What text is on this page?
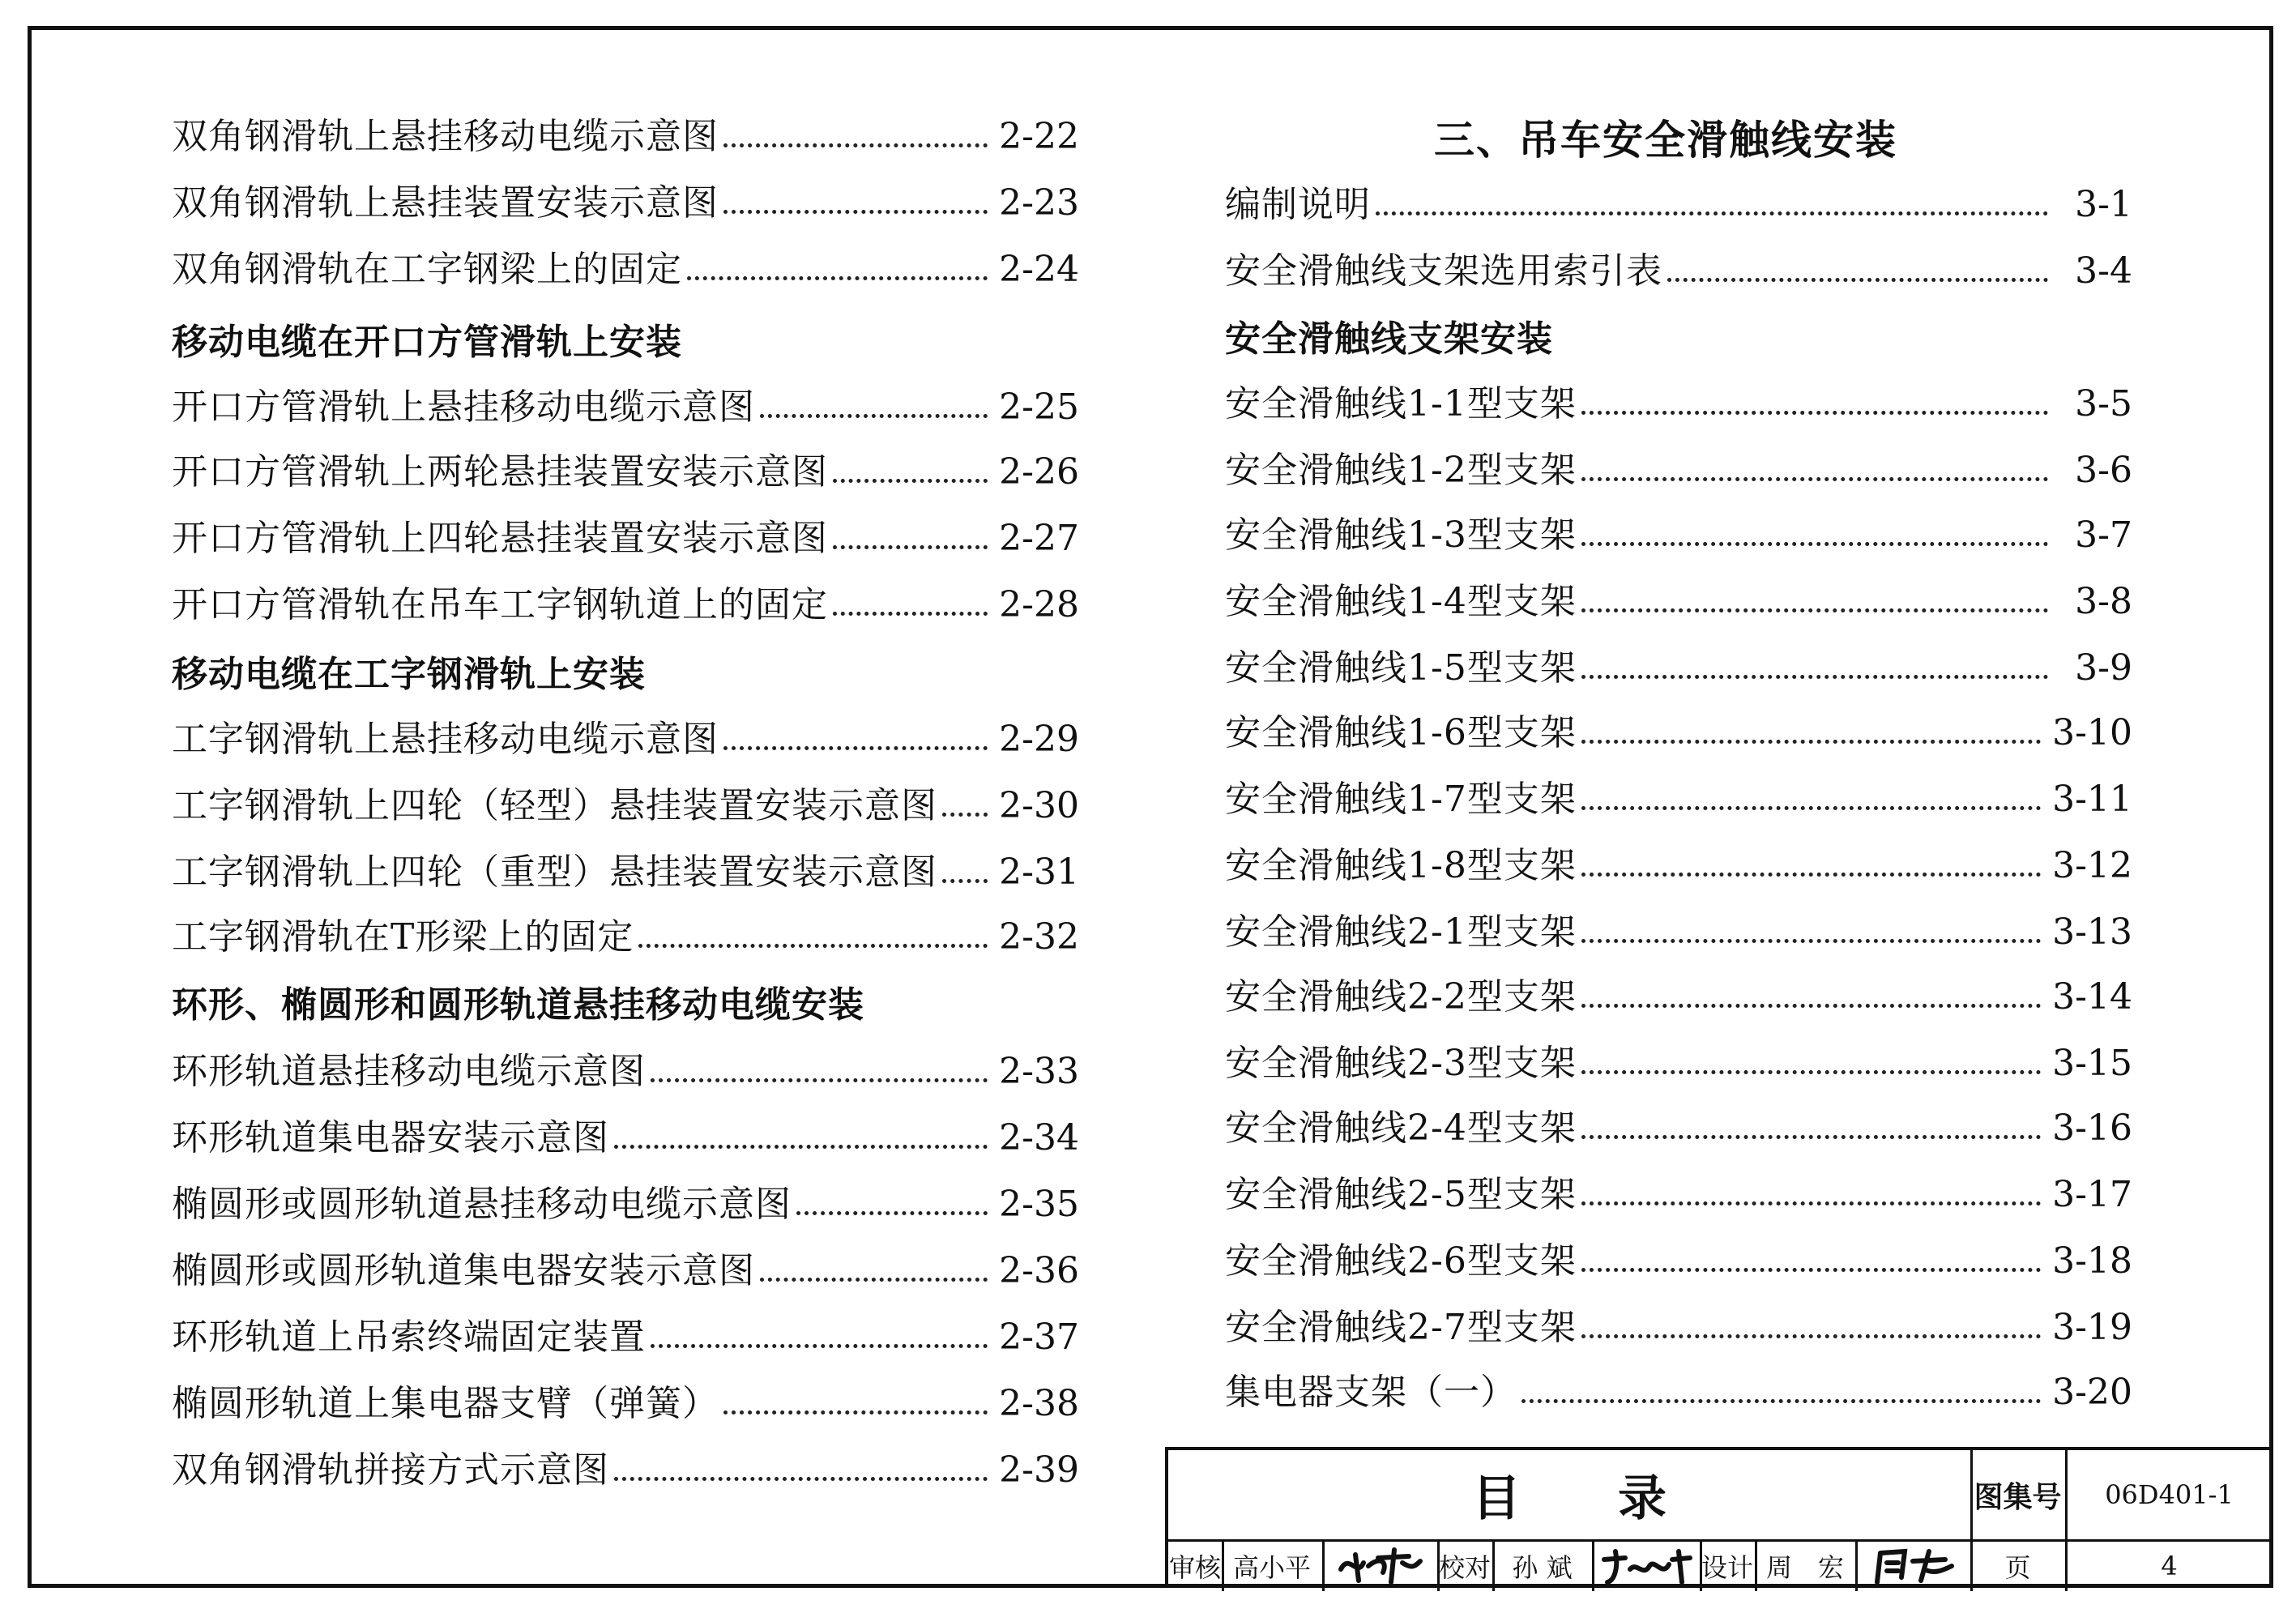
双角钢滑轨上悬挂移动电缆示意图	2-22
双角钢滑轨上悬挂装置安装示意图	2-23
双角钢滑轨在工字钢梁上的固定	2-24
移动电缆在开口方管滑轨上安装
开口方管滑轨上悬挂移动电缆示意图	2-25
开口方管滑轨上两轮悬挂装置安装示意图	2-26
开口方管滑轨上四轮悬挂装置安装示意图	2-27
开口方管滑轨在吊车工字钢轨道上的固定	2-28
移动电缆在工字钢滑轨上安装
工字钢滑轨上悬挂移动电缆示意图	2-29
工字钢滑轨上四轮（轻型）悬挂装置安装示意图 2-30
工字钢滑轨上四轮（重型）悬挂装置安装示意图 2-31
工字钢滑轨在T形梁上的固定	2-32
环形、椭圆形和圆形轨道悬挂移动电缆安装
环形轨道悬挂移动电缆示意图	2-33
环形轨道集电器安装示意图	2-34
椭圆形或圆形轨道悬挂移动电缆示意图	2-35
椭圆形或圆形轨道集电器安装示意图	2-36
环形轨道上吊索终端固定装置	2-37
椭圆形轨道上集电器支臂（弹簧）	2-38
双角钢滑轨拼接方式示意图	2-39
三、吊车安全滑触线安装
编制说明	3-1
安全滑触线支架选用索引表	3-4
安全滑触线支架安装
安全滑触线1-1型支架	3-5
安全滑触线1-2型支架	3-6
安全滑触线1-3型支架	3-7
安全滑触线1-4型支架	3-8
安全滑触线1-5型支架	3-9
安全滑触线1-6型支架	3-10
安全滑触线1-7型支架	3-11
安全滑触线1-8型支架	3-12
安全滑触线2-1型支架	3-13
安全滑触线2-2型支架	3-14
安全滑触线2-3型支架	3-15
安全滑触线2-4型支架	3-16
安全滑触线2-5型支架	3-17
安全滑触线2-6型支架	3-18
安全滑触线2-7型支架	3-19
集电器支架（一）	3-20
目　　录	图集号	06D401-1
审核 高小平	校对 孙 斌	设计 周　宏	页	4
